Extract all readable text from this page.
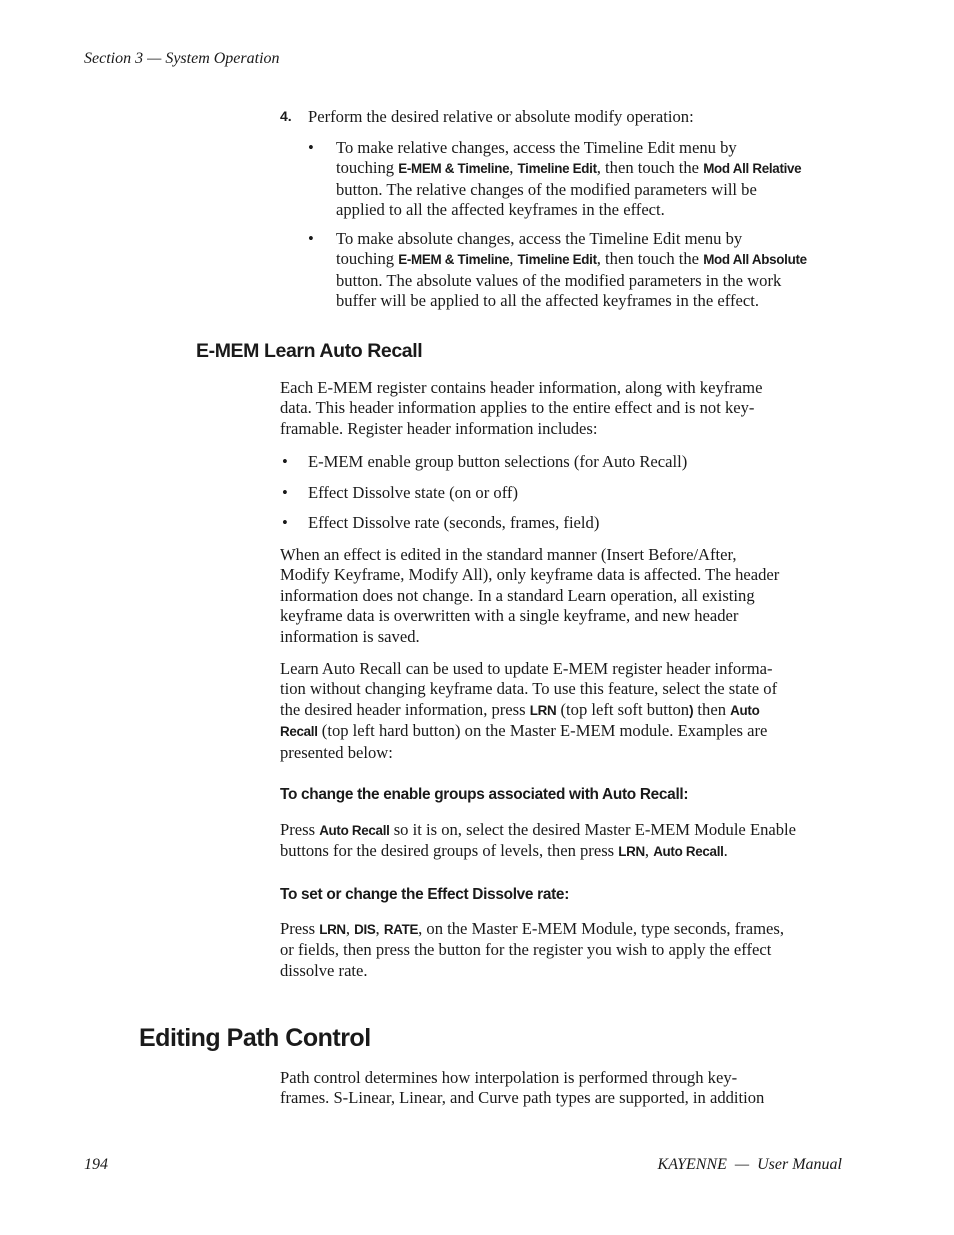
Section 3 — System Operation
4. Perform the desired relative or absolute modify operation:
• To make relative changes, access the Timeline Edit menu by
touching E-MEM & Timeline, Timeline Edit, then touch the Mod All Relative
button. The relative changes of the modified parameters will be
applied to all the affected keyframes in the effect.
• To make absolute changes, access the Timeline Edit menu by
touching E-MEM & Timeline, Timeline Edit, then touch the Mod All Absolute
button. The absolute values of the modified parameters in the work
buffer will be applied to all the affected keyframes in the effect.
E-MEM Learn Auto Recall
Each E-MEM register contains header information, along with keyframe
data. This header information applies to the entire effect and is not key-
framable. Register header information includes:
• E-MEM enable group button selections (for Auto Recall)
• Effect Dissolve state (on or off)
• Effect Dissolve rate (seconds, frames, field)
When an effect is edited in the standard manner (Insert Before/After,
Modify Keyframe, Modify All), only keyframe data is affected. The header
information does not change. In a standard Learn operation, all existing
keyframe data is overwritten with a single keyframe, and new header
information is saved.
Learn Auto Recall can be used to update E-MEM register header informa-
tion without changing keyframe data. To use this feature, select the state of
the desired header information, press LRN (top left soft button) then Auto
Recall (top left hard button) on the Master E-MEM module. Examples are
presented below:
To change the enable groups associated with Auto Recall:
Press Auto Recall so it is on, select the desired Master E-MEM Module Enable
buttons for the desired groups of levels, then press LRN, Auto Recall.
To set or change the Effect Dissolve rate:
Press LRN, DIS, RATE, on the Master E-MEM Module, type seconds, frames,
or fields, then press the button for the register you wish to apply the effect
dissolve rate.
Editing Path Control
Path control determines how interpolation is performed through key-
frames. S-Linear, Linear, and Curve path types are supported, in addition
194	KAYENNE  —  User Manual
